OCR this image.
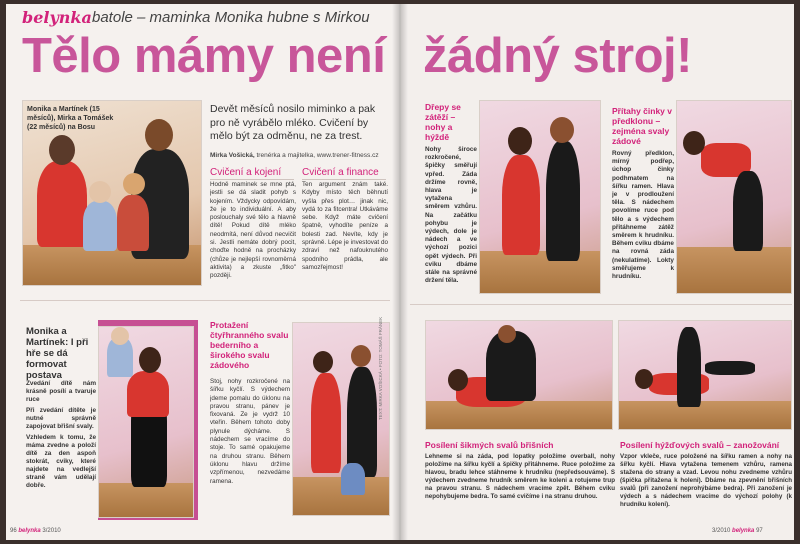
belynka batole – maminka Monika hubne s Mirkou
Tělo mámy není žádný stroj!
Monika a Martínek (15 měsíců), Mirka a Tomášek (22 měsíců) na Bosu
Devět měsíců nosilo miminko a pak pro ně vyrábělo mléko. Cvičení by mělo být za odměnu, ne za trest.
Mirka Vošická, trenérka a majitelka, www.trener-fitness.cz
Cvičení a kojení
Hodně maminek se mne ptá, jestli se dá sladit pohyb s kojením. Vždycky odpovídám, že je to individuální. A aby poslouchaly své tělo a hlavně dítě! Pokud dítě mléko neodmítá, není důvod necvičit si. Jestli nemáte dobrý pocit, choďte hodně na procházky (chůze je nejlepší rovnoměrná aktivita) a zkuste „fitko" později.
Cvičení a finance
Ten argument znám také. Kdyby místo těch běhnutí vyšla přes plot… jinak nic, vydá to za fitcentra! Utkáváme sebe. Když máte cvičení špatně, vyhodíte peníze a bolesti zad. Nevíte, kdy je správně. Lépe je investovat do zdraví než nafouknutého spodního prádla, ale samozřejmost!
Monika a Martínek: I při hře se dá formovat postava
Zvedání dítě nám krásně posílí a tvaruje ruce
Při zvedání dítěte je nutné správně zapojovat břišní svaly.
Vzhledem k tomu, že máma zvedne a položí dítě za den aspoň stokrát, cviky, které najdete na vedlejší straně vám udělají dobře.
Protažení čtyřhranného svalu bederního a širokého svalu zádového
Stoj, nohy rozkročené na šířku kyčlí. S výdechem jdeme pomalu do úklonu na pravou stranu, pánev je fixovaná. Ze je vydrž 10 vteřin. Během tohoto doby plynule dýcháme. S nádechem se vracíme do stoje. To samé opakujeme na druhou stranu. Během úklonu hlavu držíme vzpřímenou, nezvedáme ramena.
TEXT: MIRKA VOŠICKÁ • FOTO: TOMÁŠ FRÁNEK
Dřepy se zátěží – nohy a hýždě
Nohy široce rozkročené, špičky směřují vpřed. Záda držíme rovně, hlava je vytažena směrem vzhůru. Na začátku pohybu je výdech, dole je nádech a ve výchozí pozici opět výdech. Při cviku dbáme stále na správné držení těla.
Přítahy činky v předklonu – zejména svaly zádové
Rovný předklon, mírný podřep, úchop činky podhmatem na šířku ramen. Hlava je v prodloužení těla. S nádechem povolíme ruce pod tělo a s výdechem přitáhneme zátěž směrem k hrudníku. Během cviku dbáme na rovná záda (nekulatíme). Lokty směřujeme k hrudníku.
Posílení šikmých svalů břišních
Lehneme si na záda, pod lopatky položíme overball, nohy položíme na šířku kyčlí a špičky přitáhneme. Ruce položíme za hlavou, bradu lehce stáhneme k hrudníku (nepředsouváme). S výdechem zvedneme hrudník směrem ke koleni a rotujeme trup na pravou stranu. S nádechem vracíme zpět. Během cviku nepohybujeme bedra. To samé cvičíme i na stranu druhou.
Posílení hýžďových svalů – zanožování
Vzpor vkleče, ruce položené na šířku ramen a nohy na šířku kyčlí. Hlava vytažena temenem vzhůru, ramena stažena do strany a vzad. Levou nohu zvedneme vzhůru (špička přitažena k holeni). Dbáme na zpevnění břišních svalů (při zanožení neprohýbáme bedra). Při zanožení je výdech a s nádechem vracíme do výchozí polohy (k hrudníku koleni).
96 belynka 3/2010	3/2010 belynka 97
